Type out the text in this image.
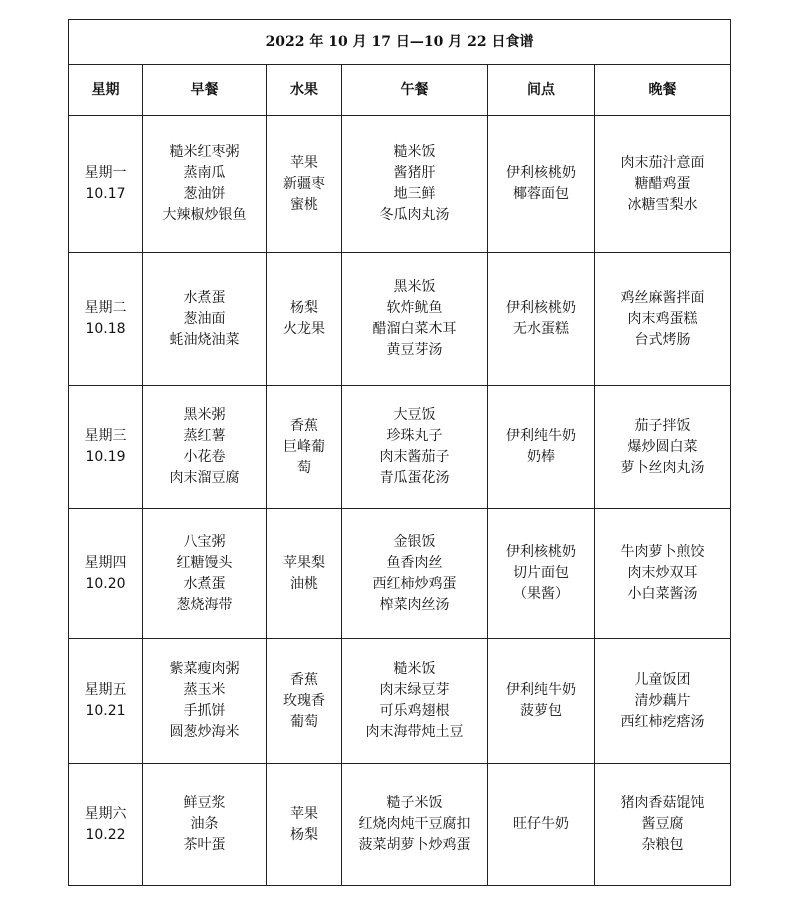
2022 年 10 月 17 日—10 月 22 日食谱					
星期	早餐	水果	午餐	间点	晚餐

星期一
10.17	糙米红枣粥
蒸南瓜
葱油饼
大辣椒炒银鱼	苹果
新疆枣
蜜桃	糙米饭
酱猪肝
地三鲜
冬瓜肉丸汤	伊利核桃奶
椰蓉面包	肉末茄汁意面
糖醋鸡蛋
冰糖雪梨水

星期二
10.18	水煮蛋
葱油面
蚝油烧油菜	杨梨
火龙果	黑米饭
软炸鱿鱼
醋溜白菜木耳
黄豆芽汤	伊利核桃奶
无水蛋糕	鸡丝麻酱拌面
肉末鸡蛋糕
台式烤肠

星期三
10.19	黑米粥
蒸红薯
小花卷
肉末溜豆腐	香蕉
巨峰葡
萄	大豆饭
珍珠丸子
肉末酱茄子
青瓜蛋花汤	伊利纯牛奶
奶棒	茄子拌饭
爆炒圆白菜
萝卜丝肉丸汤

星期四
10.20	八宝粥
红糖馒头
水煮蛋
葱烧海带	苹果梨
油桃	金银饭
鱼香肉丝
西红柿炒鸡蛋
榨菜肉丝汤	伊利核桃奶
切片面包
（果酱）	牛肉萝卜煎饺
肉末炒双耳
小白菜酱汤

星期五
10.21	紫菜瘦肉粥
蒸玉米
手抓饼
圆葱炒海米	香蕉
玫瑰香
葡萄	糙米饭
肉末绿豆芽
可乐鸡翅根
肉末海带炖土豆	伊利纯牛奶
菠萝包	儿童饭团
清炒藕片
西红柿疙瘩汤

星期六
10.22	鲜豆浆
油条
茶叶蛋	苹果
杨梨	糙子米饭
红烧肉炖干豆腐扣
菠菜胡萝卜炒鸡蛋	旺仔牛奶	猪肉香菇馄饨
酱豆腐
杂粮包
